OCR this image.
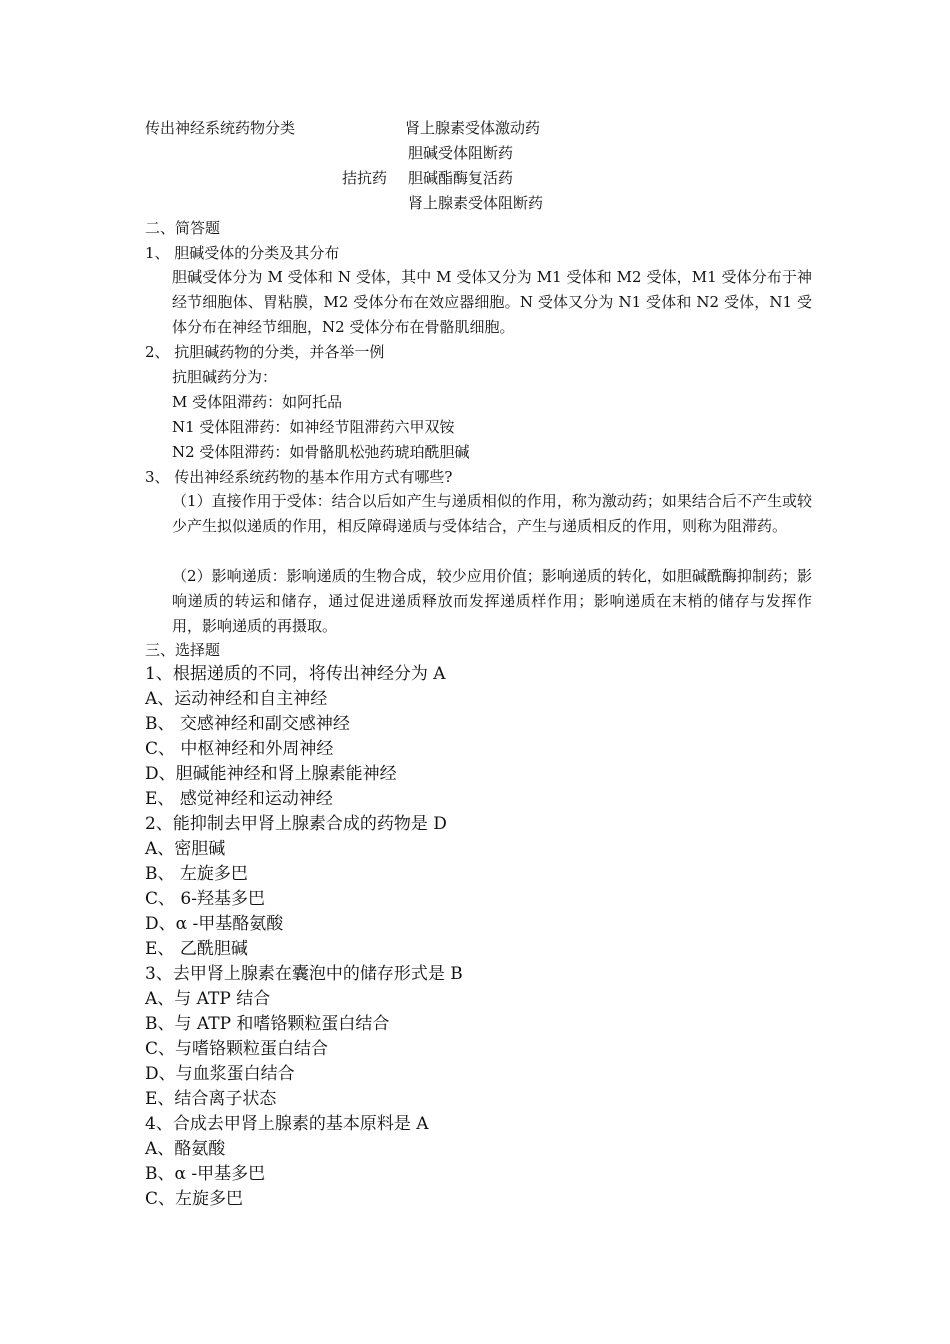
传出神经系统药物分类	肾上腺素受体激动药
胆碱受体阻断药
拮抗药 胆碱酯酶复活药
肾上腺素受体阻断药
二、简答题
1、 胆碱受体的分类及其分布
胆碱受体分为 M 受体和 N 受体，其中 M 受体又分为 M1 受体和 M2 受体，M1 受体分布于神经节细胞体、胃粘膜，M2 受体分布在效应器细胞。N 受体又分为 N1 受体和 N2 受体，N1 受体分布在神经节细胞，N2 受体分布在骨骼肌细胞。
2、 抗胆碱药物的分类，并各举一例
抗胆碱药分为：
M 受体阻滞药：如阿托品
N1 受体阻滞药：如神经节阻滞药六甲双铵
N2 受体阻滞药：如骨骼肌松弛药琥珀酰胆碱
3、 传出神经系统药物的基本作用方式有哪些?
（1）直接作用于受体：结合以后如产生与递质相似的作用，称为激动药；如果结合后不产生或较少产生拟似递质的作用，相反障碍递质与受体结合，产生与递质相反的作用，则称为阻滞药。
（2）影响递质：影响递质的生物合成，较少应用价值；影响递质的转化，如胆碱酰酶抑制药；影响递质的转运和储存，通过促进递质释放而发挥递质样作用；影响递质在末梢的储存与发挥作用，影响递质的再摄取。
三、选择题
1、根据递质的不同，将传出神经分为 A
A、运动神经和自主神经
B、 交感神经和副交感神经
C、 中枢神经和外周神经
D、胆碱能神经和肾上腺素能神经
E、 感觉神经和运动神经
2、能抑制去甲肾上腺素合成的药物是 D
A、密胆碱
B、 左旋多巴
C、 6-羟基多巴
D、α -甲基酪氨酸
E、 乙酰胆碱
3、去甲肾上腺素在囊泡中的储存形式是 B
A、与 ATP 结合
B、与 ATP 和嗜铬颗粒蛋白结合
C、与嗜铬颗粒蛋白结合
D、与血浆蛋白结合
E、结合离子状态
4、合成去甲肾上腺素的基本原料是 A
A、酪氨酸
B、α -甲基多巴
C、左旋多巴
